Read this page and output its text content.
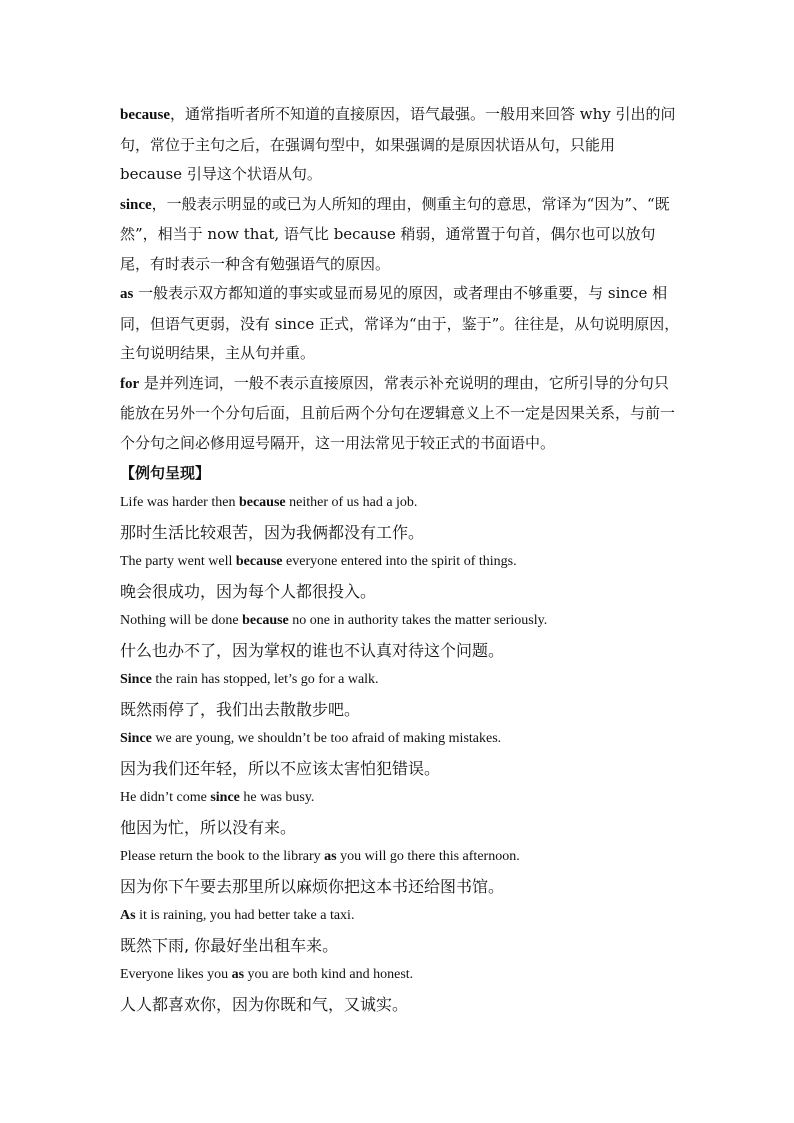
because，通常指听者所不知道的直接原因，语气最强。一般用来回答 why 引出的问句，常位于主句之后，在强调句型中，如果强调的是原因状语从句，只能用 because 引导这个状语从句。

since，一般表示明显的或已为人所知的理由，侧重主句的意思，常译为“因为”、“既然”，相当于 now that, 语气比 because 稍弱，通常置于句首，偶尔也可以放句尾，有时表示一种含有勉强语气的原因。

as 一般表示双方都知道的事实或显而易见的原因，或者理由不够重要，与 since 相同，但语气更弱，没有 since 正式，常译为“由于，鉴于”。往往是，从句说明原因，主句说明结果，主从句并重。

for 是并列连词，一般不表示直接原因，常表示补充说明的理由，它所引导的分句只能放在另外一个分句后面，且前后两个分句在逻辑意义上不一定是因果关系，与前一个分句之间必修用逗号隔开，这一用法常见于较正式的书面语中。

【例句呈现】

Life was harder then because neither of us had a job.

那时生活比较艰苦，因为我俩都没有工作。

The party went well because everyone entered into the spirit of things.

晚会很成功，因为每个人都很投入。

Nothing will be done because no one in authority takes the matter seriously.

什么也办不了，因为掌权的谁也不认真对待这个问题。

Since the rain has stopped, let’s go for a walk.

既然雨停了，我们出去散散步吧。

Since we are young, we shouldn’t be too afraid of making mistakes.

因为我们还年轻，所以不应该太害怕犯错误。

He didn’t come since he was busy.

他因为忙，所以没有来。

Please return the book to the library as you will go there this afternoon.

因为你下午要去那里所以麻烦你把这本书还给图书馆。

As it is raining, you had better take a taxi.

既然下雨, 你最好坐出租车来。

Everyone likes you as you are both kind and honest.

人人都喜欢你，因为你既和气，又诚实。
